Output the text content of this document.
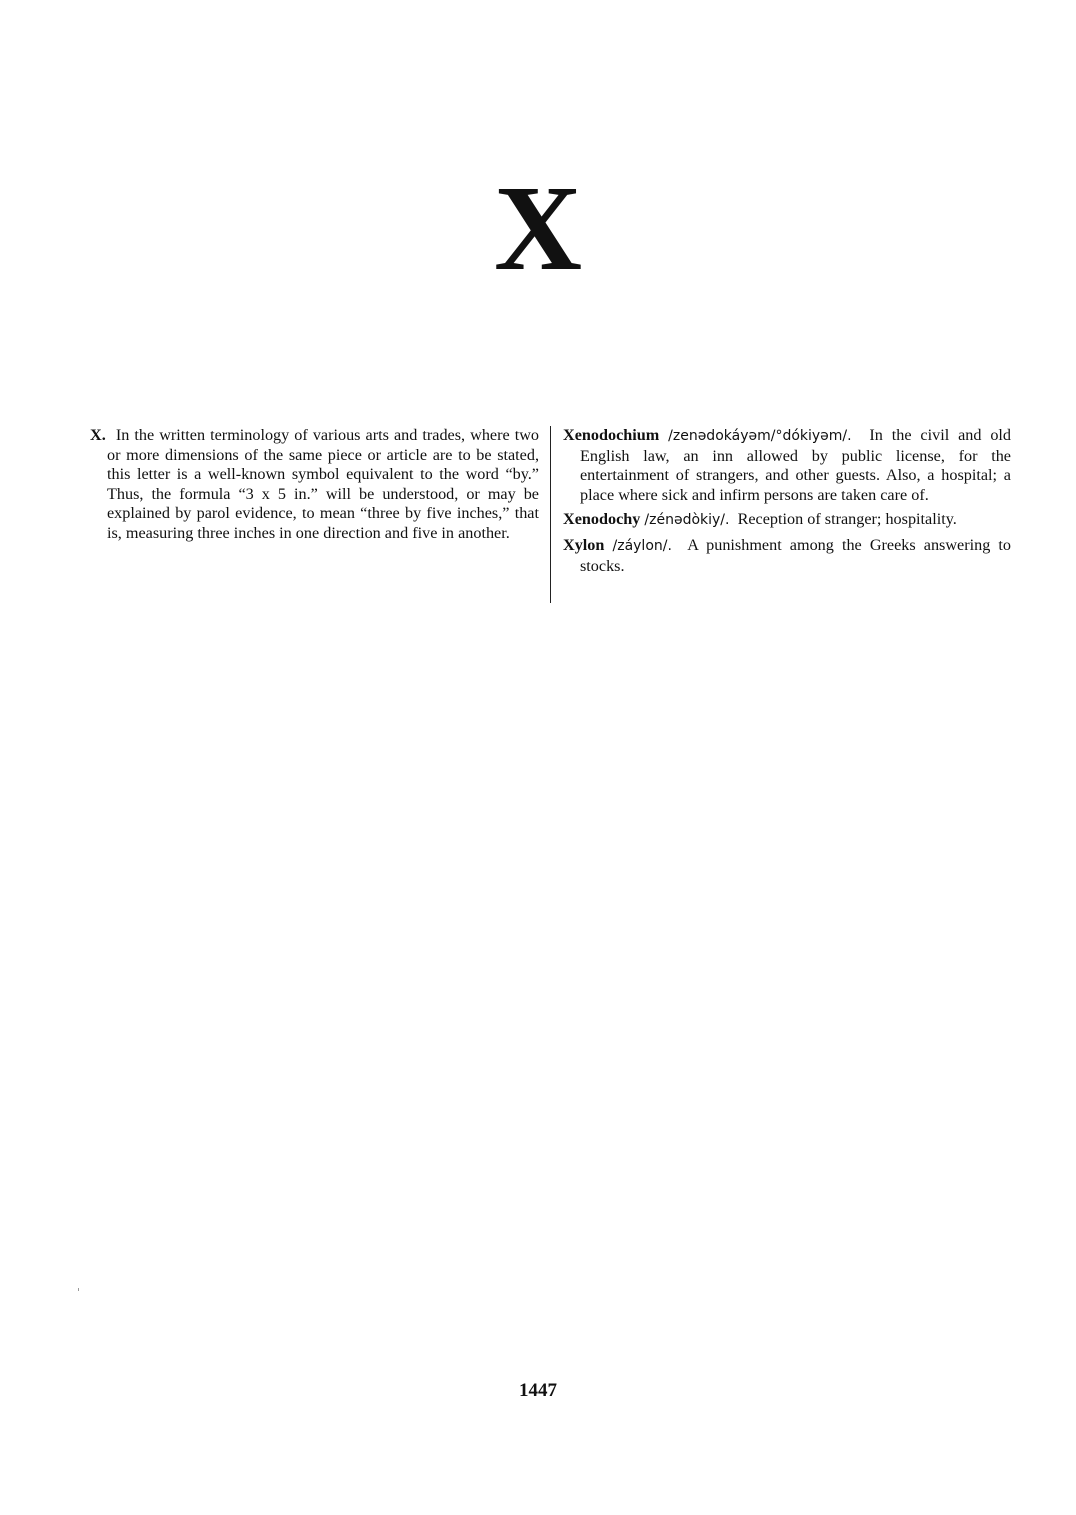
X

X. In the written terminology of various arts and trades, where two or more dimensions of the same piece or article are to be stated, this letter is a well-known symbol equivalent to the word “by.” Thus, the formula “3 x 5 in.” will be understood, or may be explained by parol evidence, to mean “three by five inches,” that is, measuring three inches in one direction and five in another.

Xenodochium /zenədokáyəm/°dókiyəm/. In the civil and old English law, an inn allowed by public license, for the entertainment of strangers, and other guests. Also, a hospital; a place where sick and infirm persons are taken care of.

Xenodochy /zénədòkiy/. Reception of stranger; hospitality.

Xylon /záylon/. A punishment among the Greeks answering to stocks.

1447
